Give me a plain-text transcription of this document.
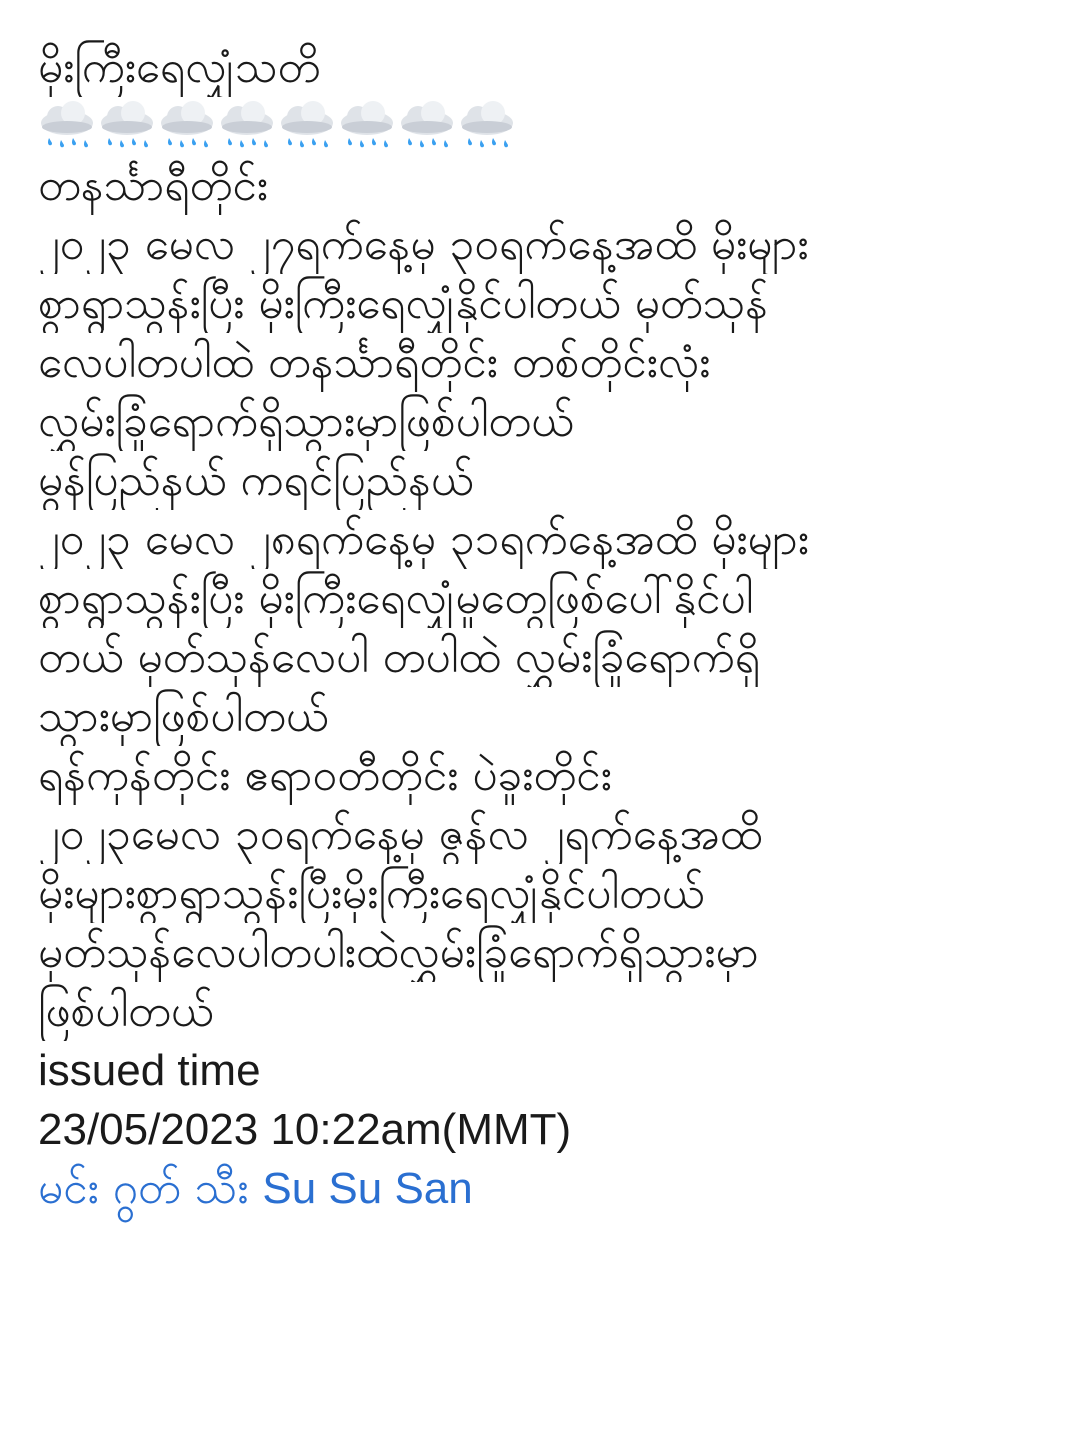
မိုးကြီးရေလျှံသတိ
တနင်္သာရီတိုင်း
၂၀၂၃ မေလ ၂၇ရက်နေ့မှ ၃၀ရက်နေ့အထိ မိုးများ
စွာရွာသွန်းပြီး မိုးကြီးရေလျှံနိုင်ပါတယ် မုတ်သုန်
လေပါတပါထဲ တနင်္သာရီတိုင်း တစ်တိုင်းလုံး
လွှမ်းခြုံရောက်ရှိသွားမှာဖြစ်ပါတယ်
မွန်ပြည်နယ် ကရင်ပြည်နယ်
၂၀၂၃ မေလ ၂၈ရက်နေ့မှ ၃၁ရက်နေ့အထိ မိုးများ
စွာရွာသွန်းပြီး မိုးကြီးရေလျှံမှုတွေဖြစ်ပေါ်နိုင်ပါ
တယ် မုတ်သုန်လေပါ တပါထဲ လွှမ်းခြုံရောက်ရှိ
သွားမှာဖြစ်ပါတယ်
ရန်ကုန်တိုင်း ဧရာဝတီတိုင်း ပဲခူးတိုင်း
၂၀၂၃မေလ ၃၀ရက်နေ့မှ ဇွန်လ ၂ရက်နေ့အထိ
မိုးများစွာရွာသွန်းပြီးမိုးကြီးရေလျှံနိုင်ပါတယ်
မုတ်သုန်လေပါတပါးထဲလွှမ်းခြုံရောက်ရှိသွားမှာ
ဖြစ်ပါတယ်
issued time
23/05/2023 10:22am(MMT)
မင်း ဂွတ် သီး Su Su San
